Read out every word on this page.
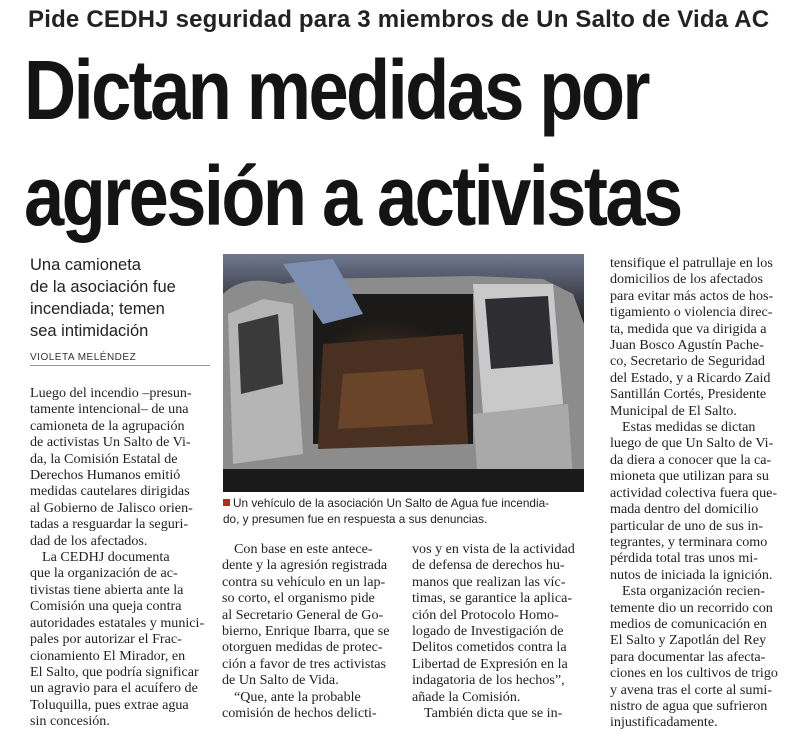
Pide CEDHJ seguridad para 3 miembros de Un Salto de Vida AC
Dictan medidas por
agresión a activistas
Una camioneta
de la asociación fue
incendiada; temen
sea intimidación
VIOLETA MELÉNDEZ

Un vehículo de la asociación Un Salto de Agua fue incendia-

do, y presumen fue en respuesta a sus denuncias.

Luego del incendio –presun-

tamente intencional– de una

camioneta de la agrupación

de activistas Un Salto de Vi-

da, la Comisión Estatal de

Derechos Humanos emitió

medidas cautelares dirigidas

al Gobierno de Jalisco orien-

tadas a resguardar la seguri-

dad de los afectados.

La CEDHJ documenta

que la organización de ac-

tivistas tiene abierta ante la

Comisión una queja contra

autoridades estatales y munici-

pales por autorizar el Frac-

cionamiento El Mirador, en

El Salto, que podría significar

un agravio para el acuífero de

Toluquilla, pues extrae agua

sin concesión.

Con base en este antece-

dente y la agresión registrada

contra su vehículo en un lap-

so corto, el organismo pide

al Secretario General de Go-

bierno, Enrique Ibarra, que se

otorguen medidas de protec-

ción a favor de tres activistas

de Un Salto de Vida.

“Que, ante la probable

comisión de hechos delicti-

vos y en vista de la actividad

de defensa de derechos hu-

manos que realizan las víc-

timas, se garantice la aplica-

ción del Protocolo Homo-

logado de Investigación de

Delitos cometidos contra la

Libertad de Expresión en la

indagatoria de los hechos”,

añade la Comisión.

También dicta que se in-

tensifique el patrullaje en los

domicilios de los afectados

para evitar más actos de hos-

tigamiento o violencia direc-

ta, medida que va dirigida a

Juan Bosco Agustín Pache-

co, Secretario de Seguridad

del Estado, y a Ricardo Zaid

Santillán Cortés, Presidente

Municipal de El Salto.

Estas medidas se dictan

luego de que Un Salto de Vi-

da diera a conocer que la ca-

mioneta que utilizan para su

actividad colectiva fuera que-

mada dentro del domicilio

particular de uno de sus in-

tegrantes, y terminara como

pérdida total tras unos mi-

nutos de iniciada la ignición.

Esta organización recien-

temente dio un recorrido con

medios de comunicación en

El Salto y Zapotlán del Rey

para documentar las afecta-

ciones en los cultivos de trigo

y avena tras el corte al sumi-

nistro de agua que sufrieron

injustificadamente.
